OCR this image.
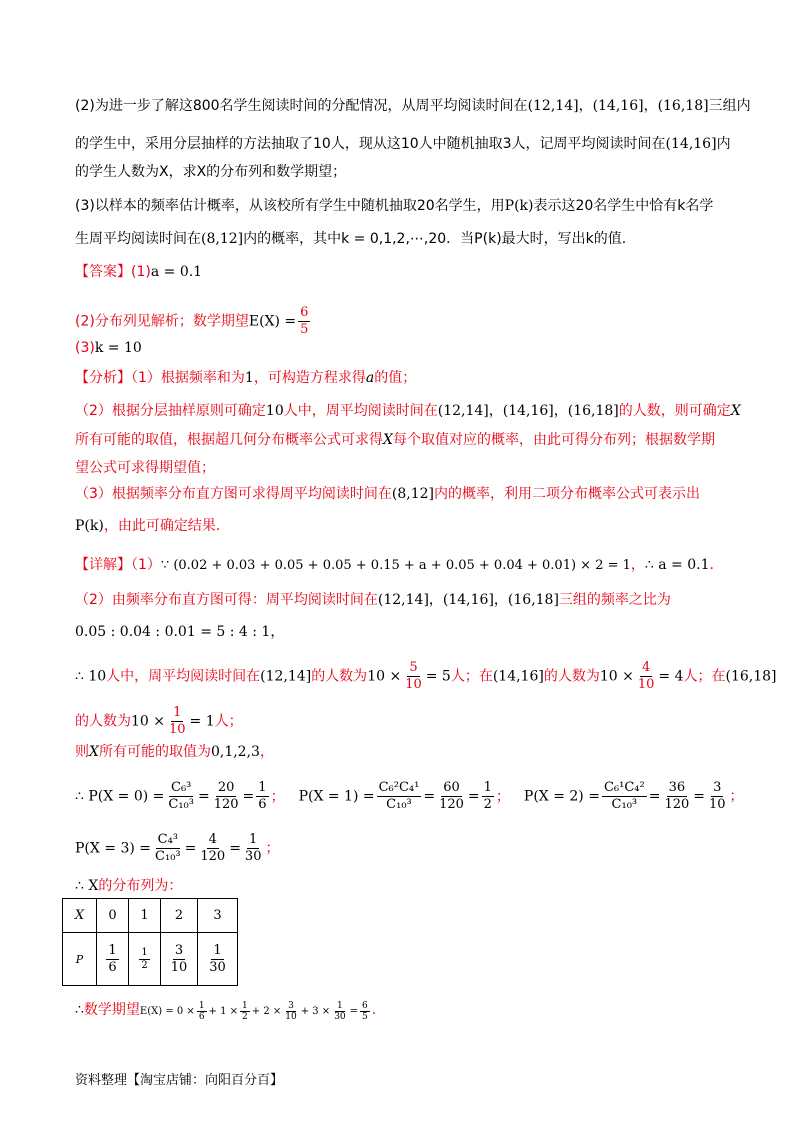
(2)为进一步了解这800名学生阅读时间的分配情况，从周平均阅读时间在(12,14]，(14,16]，(16,18]三组内
的学生中，采用分层抽样的方法抽取了10人，现从这10人中随机抽取3人，记周平均阅读时间在(14,16]内
的学生人数为X，求X的分布列和数学期望；
(3)以样本的频率估计概率，从该校所有学生中随机抽取20名学生，用P(k)表示这20名学生中恰有k名学
生周平均阅读时间在(8,12]内的概率，其中k = 0,1,2,⋯,20．当P(k)最大时，写出k的值.
【答案】(1)a = 0.1
(2)分布列见解析；数学期望$E(X) = \frac{6}{5}$
(3)k = 10
【分析】（1）根据频率和为1，可构造方程求得a的值；
（2）根据分层抽样原则可确定10人中，周平均阅读时间在(12,14]，(14,16]，(16,18]的人数，则可确定X
所有可能的取值，根据超几何分布概率公式可求得X每个取值对应的概率，由此可得分布列；根据数学期
望公式可求得期望值；
（3）根据频率分布直方图可求得周平均阅读时间在(8,12]内的概率，利用二项分布概率公式可表示出
P(k)，由此可确定结果.
【详解】（1）∵ (0.02 + 0.03 + 0.05 + 0.05 + 0.15 + a + 0.05 + 0.04 + 0.01) × 2 = 1，∴ a = 0.1.
（2）由频率分布直方图可得：周平均阅读时间在(12,14]，(14,16]，(16,18]三组的频率之比为
0.05 : 0.04 : 0.01 = 5 : 4 : 1，
∴ 10人中，周平均阅读时间在(12,14]的人数为$10 \times \frac{5}{10} = 5$人；在(14,16]的人数为$10 \times \frac{4}{10} = 4$人；在(16,18]
的人数为$10 \times \frac{1}{10} = 1$人；
则X所有可能的取值为0,1,2,3，
∴ $P(X = 0) = \frac{\text{C₆³}}{\text{C₁₀³}} = \frac{20}{120} = \frac{1}{6}$ ； $P(X = 1) = \frac{\text{C₆²C₄¹}}{\text{C₁₀³}} = \frac{60}{120} = \frac{1}{2}$ ； $P(X = 2) = \frac{\text{C₆¹C₄²}}{\text{C₁₀³}} = \frac{36}{120} = \frac{3}{10}$ ；
$P(X = 3) = \frac{\text{C₄³}}{\text{C₁₀³}} = \frac{4}{120} = \frac{1}{30}$ ；
∴ X的分布列为：
X	0	1	2	3
P	$\frac{1}{6}$	$\frac{1}{2}$	$\frac{3}{10}$	$\frac{1}{30}$
∴数学期望$E(X) = 0 \times \frac{1}{6} + 1 \times \frac{1}{2} + 2 \times \frac{3}{10} + 3 \times \frac{1}{30} = \frac{6}{5}$ .
资料整理【淘宝店铺：向阳百分百】
